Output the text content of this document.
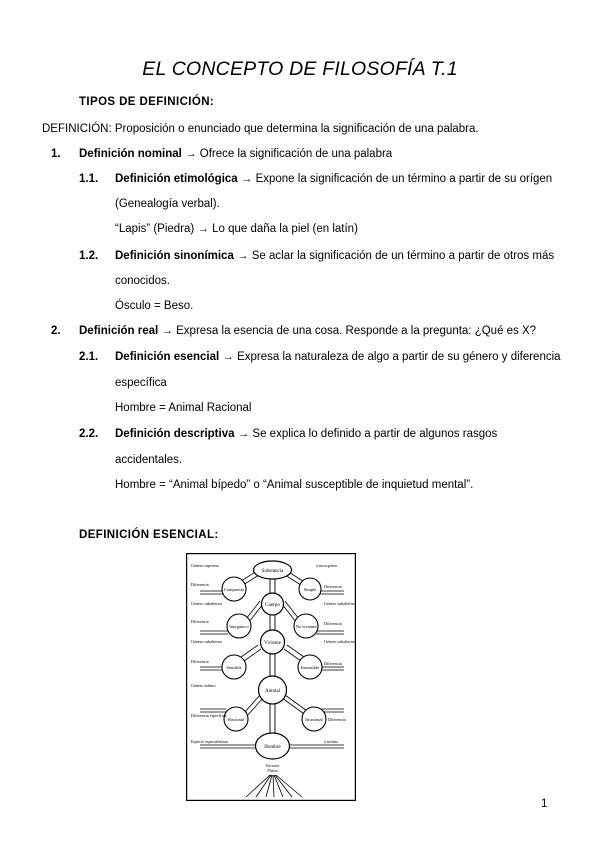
EL CONCEPTO DE FILOSOFÍA T.1
TIPOS DE DEFINICIÓN:
DEFINICIÓN: Proposición o enunciado que determina la significación de una palabra.
1. Definición nominal → Ofrece la significación de una palabra
1.1. Definición etimológica → Expone la significación de un término a partir de su orígen
(Genealogía verbal).
“Lapis” (Piedra) → Lo que daña la piel (en latín)
1.2. Definición sinonímica → Se aclar la significación de un término a partir de otros más
conocidos.
Ósculo = Beso.
2. Definición real → Expresa la esencia de una cosa. Responde a la pregunta: ¿Qué es X?
2.1. Definición esencial → Expresa la naturaleza de algo a partir de su género y diferencia
específica
Hombre = Animal Racional
2.2. Definición descriptiva → Se explica lo definido a partir de algunos rasgos
accidentales.
Hombre = “Animal bípedo” o “Animal susceptible de inquietud mental”.
DEFINICIÓN ESENCIAL:
Substancia
Cuerpo
Viviente
Animal
Hombre
Compuesto	Simple
Inorgánico	No viviente
Sensible	Insensible
Racional	Irracional
Sócrates
Platón
etc.
Género supremo
Diferencia
Género subalterno
Diferencia
Género subalterno
Diferencia
Género ínfimo
Diferencia específica
Especie especialísima
o incorpóreo
Diferencia
Género subalterno
Diferencia
Género subalterno
Diferencia
Diferencia
o ínfimo
1
